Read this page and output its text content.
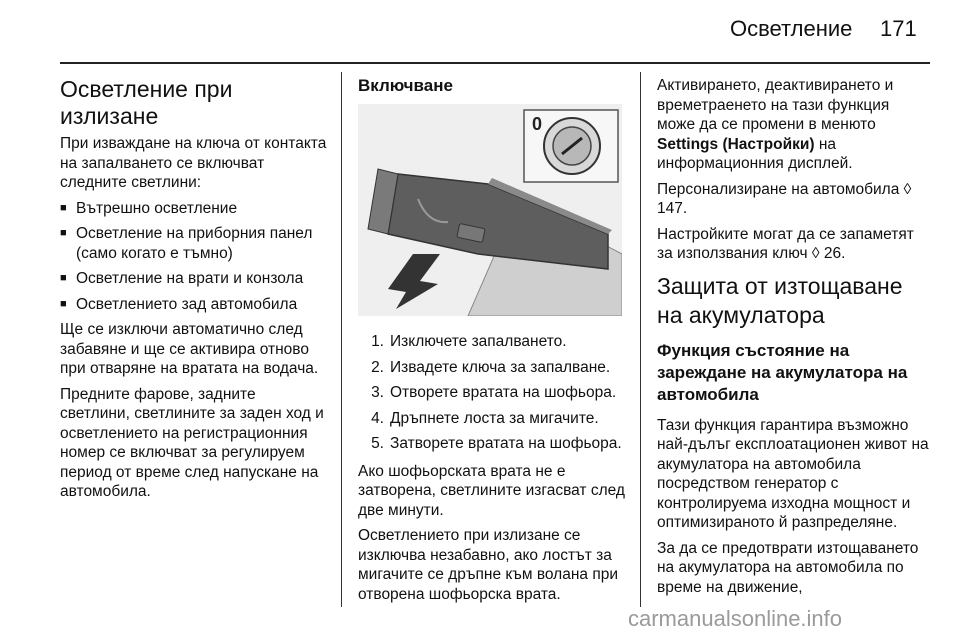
Осветление 171
Осветление при излизане

При изваждане на ключа от контакта на запалването се включват следните светлини:

■ Вътрешно осветление
■ Осветление на приборния панел (само когато е тъмно)
■ Осветление на врати и конзола
■ Осветлението зад автомобила

Ще се изключи автоматично след забавяне и ще се активира отново при отваряне на вратата на водача.

Предните фарове, задните светлини, светлините за заден ход и осветлението на регистрационния номер се включват за регулируем период от време след напускане на автомобила.

Включване
0
1. Изключете запалването.
2. Извадете ключа за запалване.
3. Отворете вратата на шофьора.
4. Дръпнете лоста за мигачите.
5. Затворете вратата на шофьора.

Ако шофьорската врата не е затворена, светлините изгасват след две минути.

Осветлението при излизане се изключва незабавно, ако лостът за мигачите се дръпне към волана при отворена шофьорска врата.

Активирането, деактивирането и времетраенето на тази функция може да се промени в менюто Settings (Настройки) на информационния дисплей.

Персонализиране на автомобила ◊ 147.

Настройките могат да се запаметят за използвания ключ ◊ 26.

Защита от изтощаване на акумулатора
Функция състояние на зареждане на акумулатора на автомобила

Тази функция гарантира възможно най-дълъг експлоатационен живот на акумулатора на автомобила посредством генератор с контролируема изходна мощност и оптимизираното й разпределяне.

За да се предотврати изтощаването на акумулатора на автомобила по време на движение,

carmanualsonline.info
